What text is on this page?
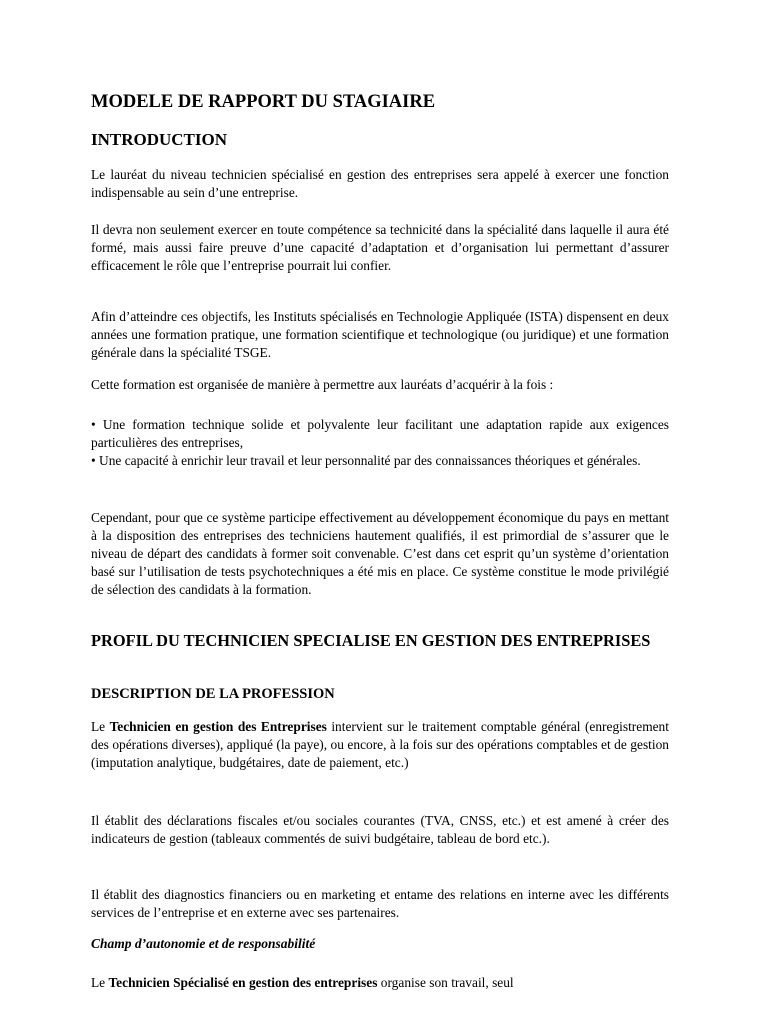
MODELE DE RAPPORT DU STAGIAIRE
INTRODUCTION

Le lauréat du niveau technicien spécialisé en gestion des entreprises sera appelé à exercer une fonction indispensable au sein d’une entreprise.

Il devra non seulement exercer en toute compétence sa technicité dans la spécialité dans laquelle il aura été formé, mais aussi faire preuve d’une capacité d’adaptation et d’organisation lui permettant d’assurer efficacement le rôle que l’entreprise pourrait lui confier.

Afin d’atteindre ces objectifs, les Instituts spécialisés en Technologie Appliquée (ISTA) dispensent en deux années une formation pratique, une formation scientifique et technologique (ou juridique) et une formation générale dans la spécialité TSGE.

Cette formation est organisée de manière à permettre aux lauréats d’acquérir à la fois :

• Une formation technique solide et polyvalente leur facilitant une adaptation rapide aux exigences particulières des entreprises,

• Une capacité à enrichir leur travail et leur personnalité par des connaissances théoriques et générales.

Cependant, pour que ce système participe effectivement au développement économique du pays en mettant à la disposition des entreprises des techniciens hautement qualifiés, il est primordial de s’assurer que le niveau de départ des candidats à former soit convenable. C’est dans cet esprit qu’un système d’orientation basé sur l’utilisation de tests psychotechniques a été mis en place. Ce système constitue le mode privilégié de sélection des candidats à la formation.

PROFIL DU TECHNICIEN SPECIALISE EN GESTION DES ENTREPRISES
DESCRIPTION DE LA PROFESSION

Le Technicien en gestion des Entreprises intervient sur le traitement comptable général (enregistrement des opérations diverses), appliqué (la paye), ou encore, à la fois sur des opérations comptables et de gestion (imputation analytique, budgétaires, date de paiement, etc.)

Il établit des déclarations fiscales et/ou sociales courantes (TVA, CNSS, etc.) et est amené à créer des indicateurs de gestion (tableaux commentés de suivi budgétaire, tableau de bord etc.).

Il établit des diagnostics financiers ou en marketing et entame des relations en interne avec les différents services de l’entreprise et en externe avec ses partenaires.

Champ d’autonomie et de responsabilité

Le Technicien Spécialisé en gestion des entreprises organise son travail, seul
